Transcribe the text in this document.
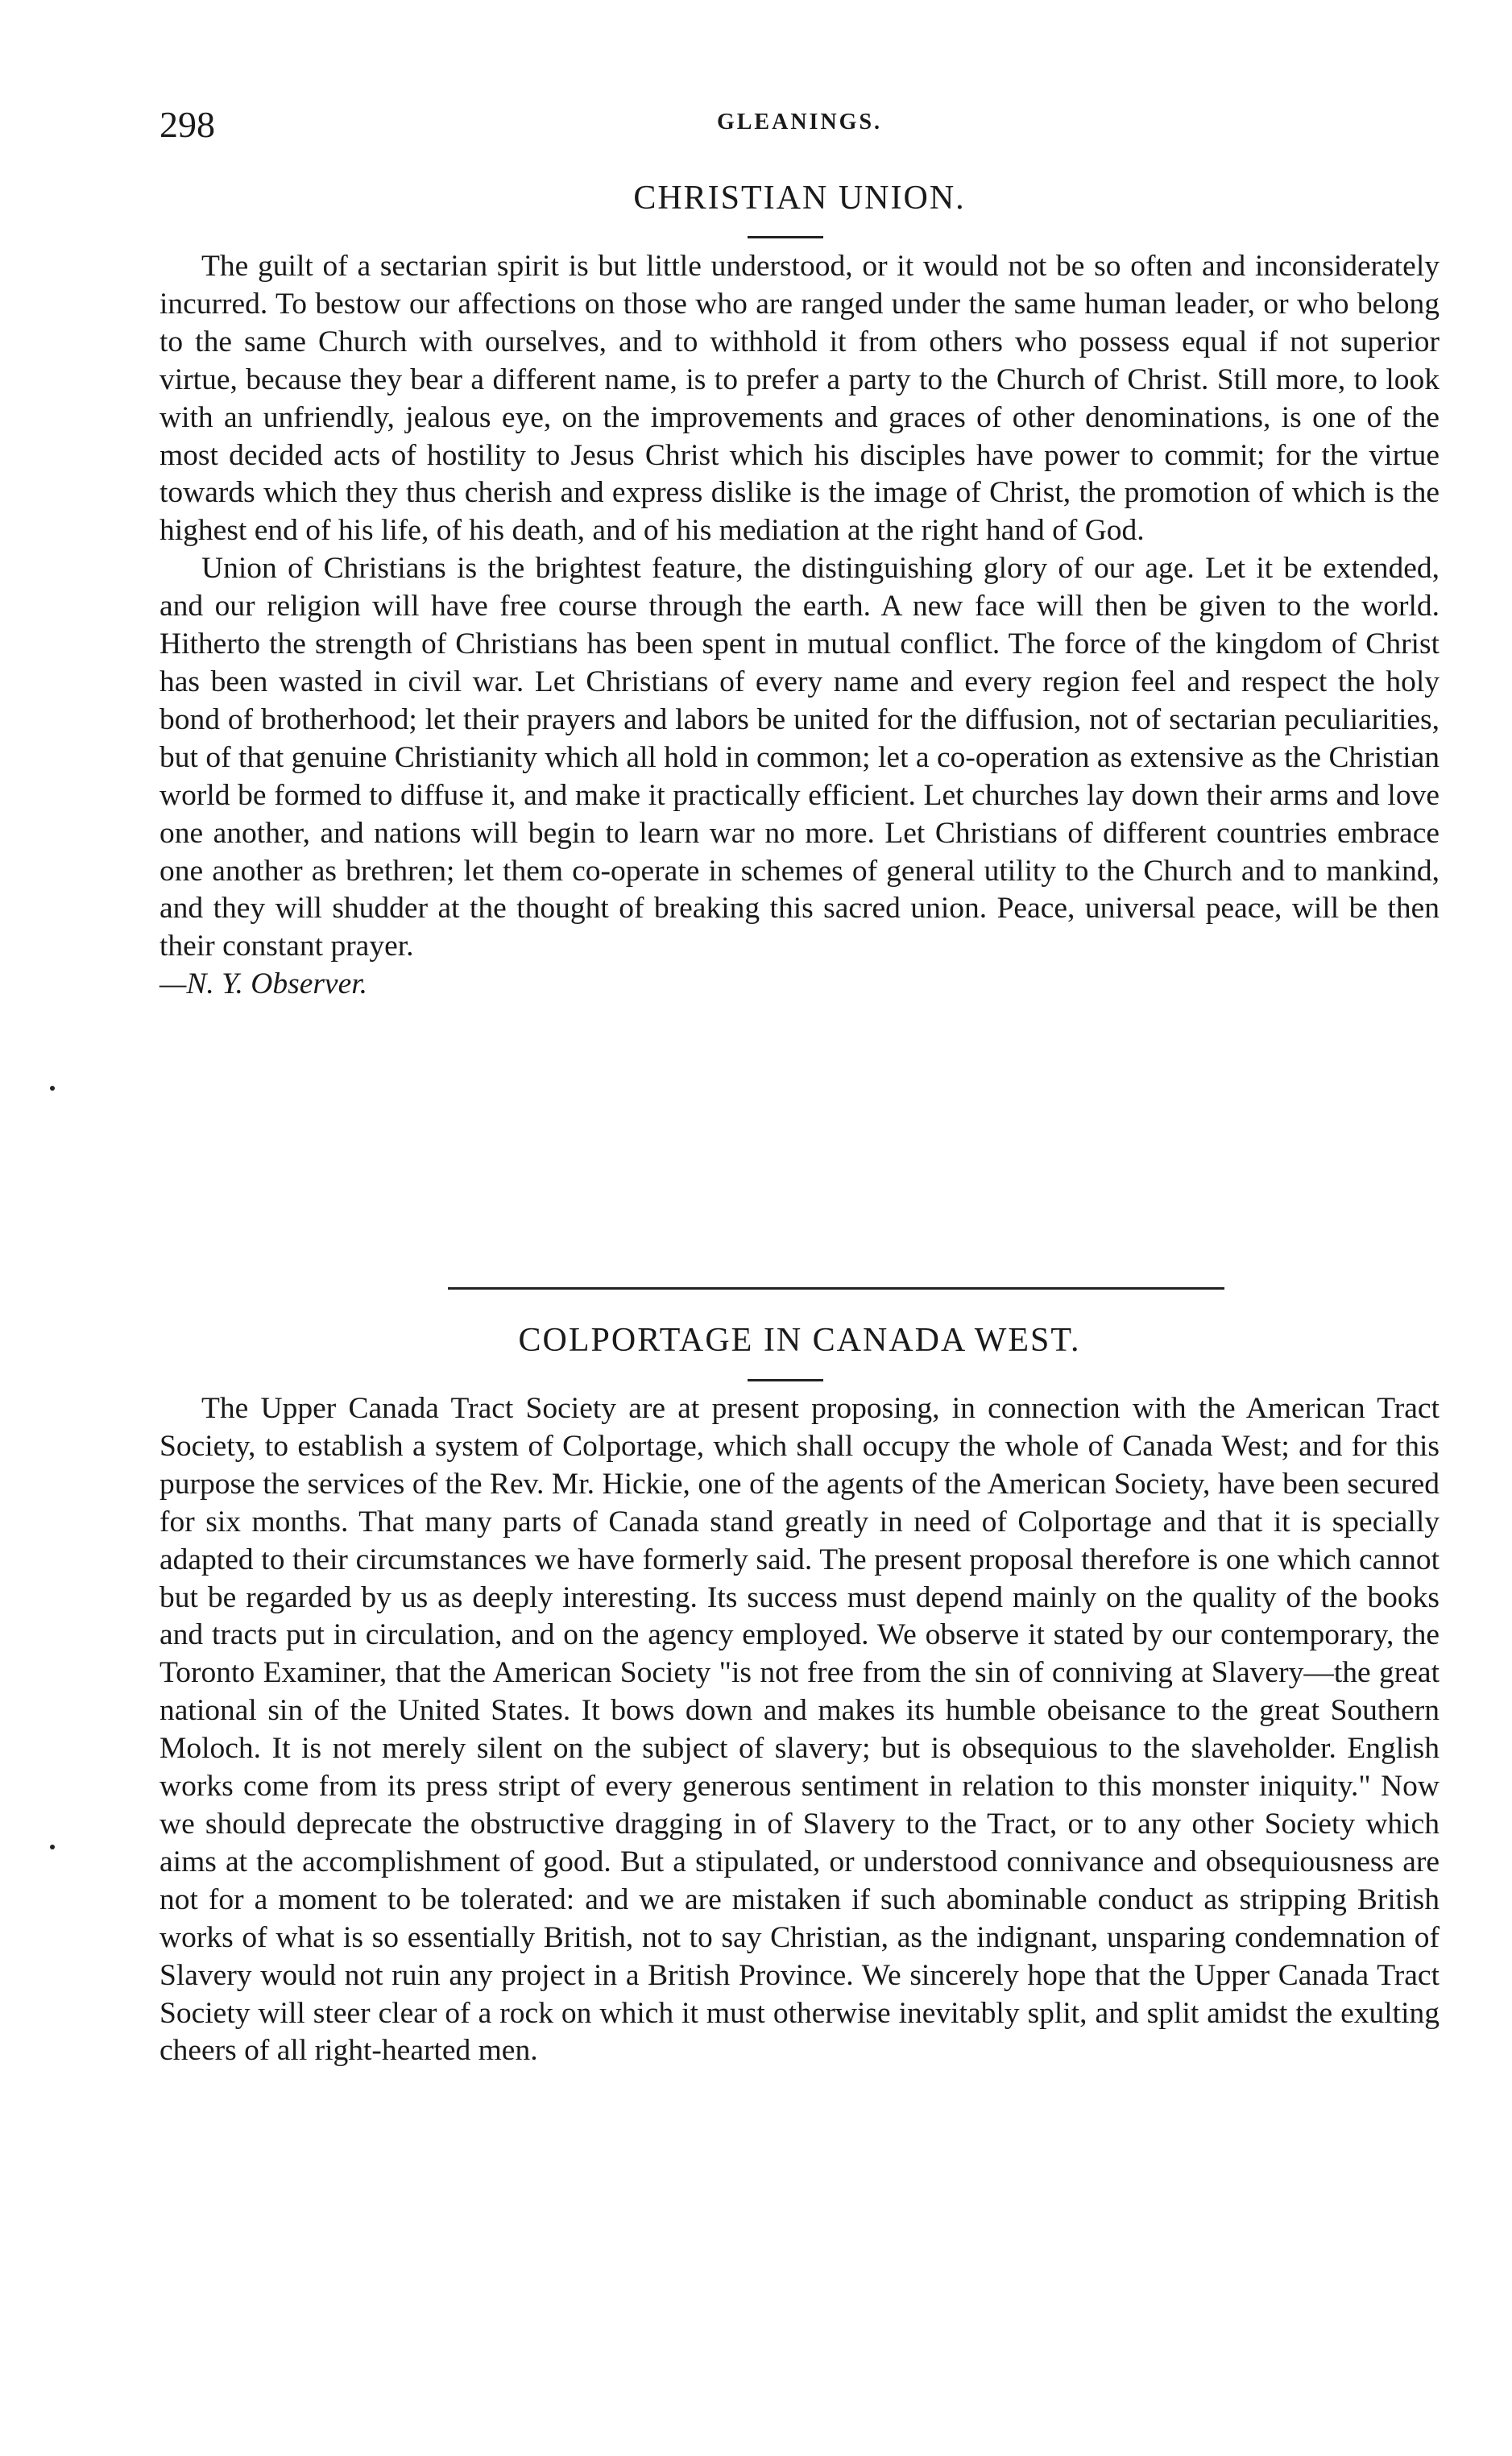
298	GLEANINGS.
CHRISTIAN UNION.

The guilt of a sectarian spirit is but little understood, or it would not be so often and inconsiderately incurred. To bestow our affections on those who are ranged under the same human leader, or who belong to the same Church with ourselves, and to withhold it from others who possess equal if not superior virtue, because they bear a different name, is to prefer a party to the Church of Christ. Still more, to look with an unfriendly, jealous eye, on the improvements and graces of other denominations, is one of the most decided acts of hostility to Jesus Christ which his disciples have power to commit; for the virtue towards which they thus cherish and express dislike is the image of Christ, the promotion of which is the highest end of his life, of his death, and of his mediation at the right hand of God.

Union of Christians is the brightest feature, the distinguishing glory of our age. Let it be extended, and our religion will have free course through the earth. A new face will then be given to the world. Hitherto the strength of Christians has been spent in mutual conflict. The force of the kingdom of Christ has been wasted in civil war. Let Christians of every name and every region feel and respect the holy bond of brotherhood; let their prayers and labors be united for the diffusion, not of sectarian peculiarities, but of that genuine Christianity which all hold in common; let a co-operation as extensive as the Christian world be formed to diffuse it, and make it practically efficient. Let churches lay down their arms and love one another, and nations will begin to learn war no more. Let Christians of different countries embrace one another as brethren; let them co-operate in schemes of general utility to the Church and to mankind, and they will shudder at the thought of breaking this sacred union. Peace, universal peace, will be then their constant prayer.

—N. Y. Observer.
COLPORTAGE IN CANADA WEST.

The Upper Canada Tract Society are at present proposing, in connection with the American Tract Society, to establish a system of Colportage, which shall occupy the whole of Canada West; and for this purpose the services of the Rev. Mr. Hickie, one of the agents of the American Society, have been secured for six months. That many parts of Canada stand greatly in need of Colportage and that it is specially adapted to their circumstances we have formerly said. The present proposal therefore is one which cannot but be regarded by us as deeply interesting. Its success must depend mainly on the quality of the books and tracts put in circulation, and on the agency employed. We observe it stated by our contemporary, the Toronto Examiner, that the American Society "is not free from the sin of conniving at Slavery—the great national sin of the United States. It bows down and makes its humble obeisance to the great Southern Moloch. It is not merely silent on the subject of slavery; but is obsequious to the slaveholder. English works come from its press stript of every generous sentiment in relation to this monster iniquity." Now we should deprecate the obstructive dragging in of Slavery to the Tract, or to any other Society which aims at the accomplishment of good. But a stipulated, or understood connivance and obsequiousness are not for a moment to be tolerated: and we are mistaken if such abominable conduct as stripping British works of what is so essentially British, not to say Christian, as the indignant, unsparing condemnation of Slavery would not ruin any project in a British Province. We sincerely hope that the Upper Canada Tract Society will steer clear of a rock on which it must otherwise inevitably split, and split amidst the exulting cheers of all right-hearted men.
